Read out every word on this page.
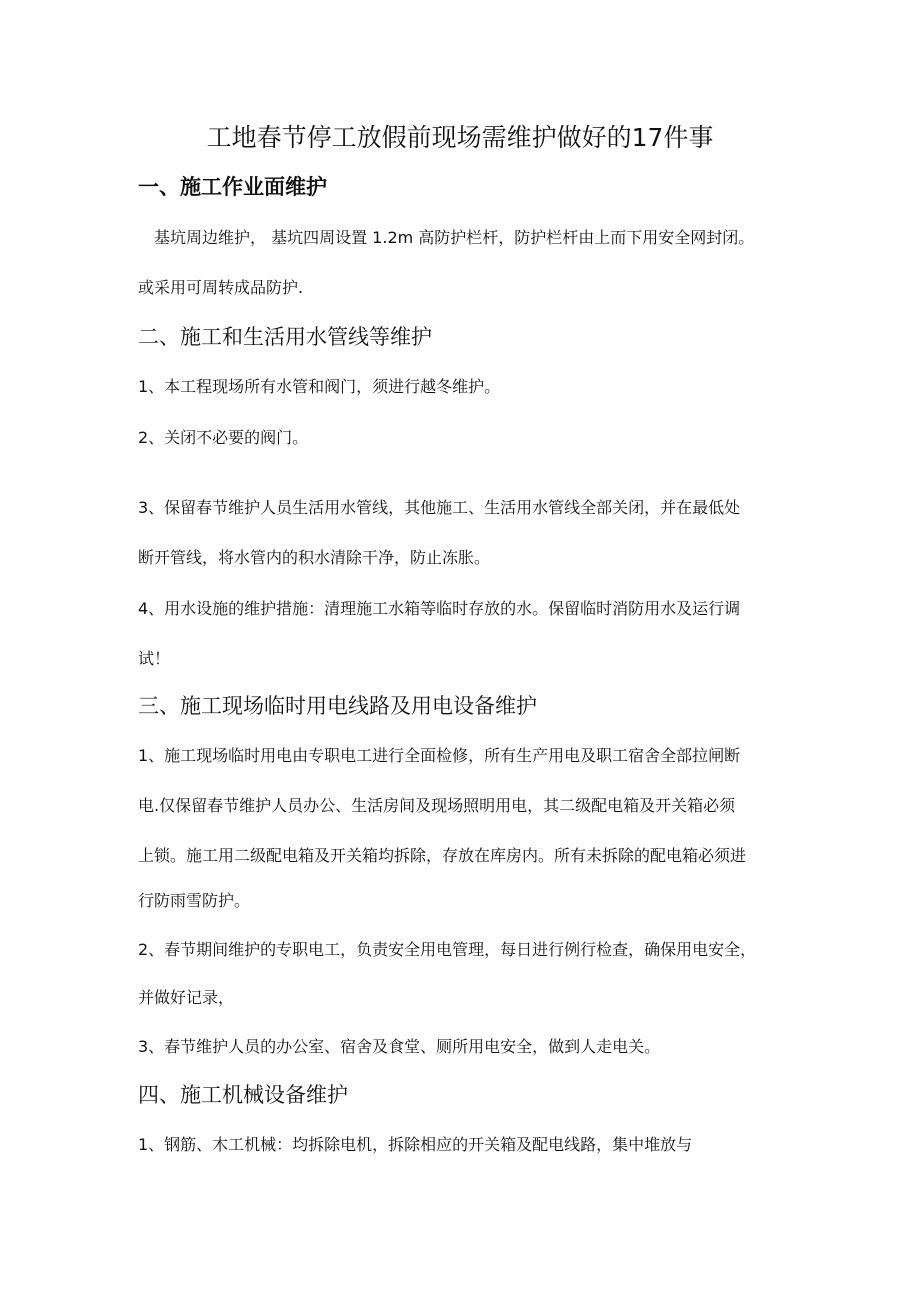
工地春节停工放假前现场需维护做好的17件事
一、施工作业面维护
基坑周边维护， 基坑四周设置 1.2m 高防护栏杆，防护栏杆由上而下用安全网封闭。
或采用可周转成品防护.
二、施工和生活用水管线等维护
1、本工程现场所有水管和阀门，须进行越冬维护。
2、关闭不必要的阀门。
3、保留春节维护人员生活用水管线，其他施工、生活用水管线全部关闭，并在最低处
断开管线，将水管内的积水清除干净，防止冻胀。
4、用水设施的维护措施：清理施工水箱等临时存放的水。保留临时消防用水及运行调
试！
三、施工现场临时用电线路及用电设备维护
1、施工现场临时用电由专职电工进行全面检修，所有生产用电及职工宿舍全部拉闸断
电.仅保留春节维护人员办公、生活房间及现场照明用电，其二级配电箱及开关箱必须
上锁。施工用二级配电箱及开关箱均拆除，存放在库房内。所有未拆除的配电箱必须进
行防雨雪防护。
2、春节期间维护的专职电工，负责安全用电管理，每日进行例行检查，确保用电安全，
并做好记录，
3、春节维护人员的办公室、宿舍及食堂、厕所用电安全，做到人走电关。
四、施工机械设备维护
1、钢筋、木工机械：均拆除电机，拆除相应的开关箱及配电线路，集中堆放与
